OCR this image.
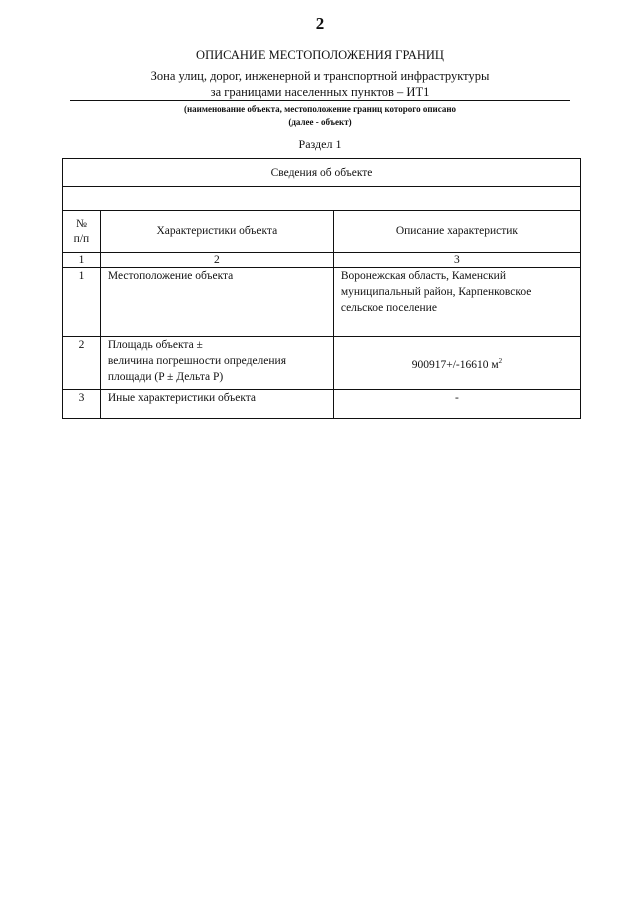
2
ОПИСАНИЕ МЕСТОПОЛОЖЕНИЯ ГРАНИЦ
Зона улиц, дорог, инженерной и транспортной инфраструктуры
за границами населенных пунктов – ИТ1
(наименование объекта, местоположение границ которого описано
(далее - объект)
Раздел 1
Сведения об объекте		

№
п/п	Характеристики объекта	Описание характеристик
1	2	3
1	Местоположение объекта	Воронежская область, Каменский
муниципальный район, Карпенковское
сельское поселение

2	Площадь объекта ±
величина погрешности определения
площади (P ± Дельта P)	900917+/-16610 $м^2$
3	Иные характеристики объекта	-
